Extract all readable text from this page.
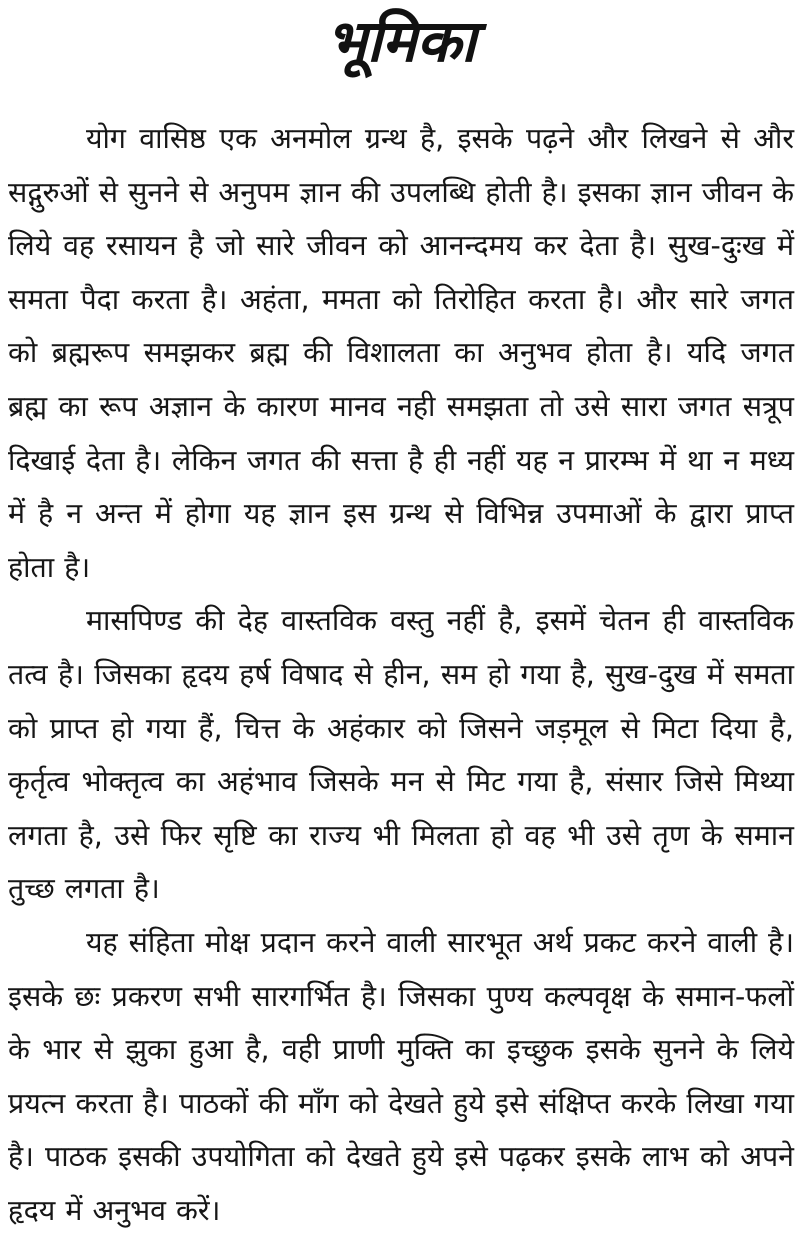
भूमिका

योग वासिष्ठ एक अनमोल ग्रन्थ है, इसके पढ़ने और लिखने से और सद्गुरुओं से सुनने से अनुपम ज्ञान की उपलब्धि होती है। इसका ज्ञान जीवन के लिये वह रसायन है जो सारे जीवन को आनन्दमय कर देता है। सुख-दुःख में समता पैदा करता है। अहंता, ममता को तिरोहित करता है। और सारे जगत को ब्रह्मरूप समझकर ब्रह्म की विशालता का अनुभव होता है। यदि जगत ब्रह्म का रूप अज्ञान के कारण मानव नही समझता तो उसे सारा जगत सत्रूप दिखाई देता है। लेकिन जगत की सत्ता है ही नहीं यह न प्रारम्भ में था न मध्य में है न अन्त में होगा यह ज्ञान इस ग्रन्थ से विभिन्न उपमाओं के द्वारा प्राप्त होता है।

मासपिण्ड की देह वास्तविक वस्तु नहीं है, इसमें चेतन ही वास्तविक तत्व है। जिसका हृदय हर्ष विषाद से हीन, सम हो गया है, सुख-दुख में समता को प्राप्त हो गया हैं, चित्त के अहंकार को जिसने जड़मूल से मिटा दिया है, कृर्तृत्व भोक्तृत्व का अहंभाव जिसके मन से मिट गया है, संसार जिसे मिथ्या लगता है, उसे फिर सृष्टि का राज्य भी मिलता हो वह भी उसे तृण के समान तुच्छ लगता है।

यह संहिता मोक्ष प्रदान करने वाली सारभूत अर्थ प्रकट करने वाली है। इसके छः प्रकरण सभी सारगर्भित है। जिसका पुण्य कल्पवृक्ष के समान-फलों के भार से झुका हुआ है, वही प्राणी मुक्ति का इच्छुक इसके सुनने के लिये प्रयत्न करता है। पाठकों की माँग को देखते हुये इसे संक्षिप्त करके लिखा गया है। पाठक इसकी उपयोगिता को देखते हुये इसे पढ़कर इसके लाभ को अपने हृदय में अनुभव करें।
